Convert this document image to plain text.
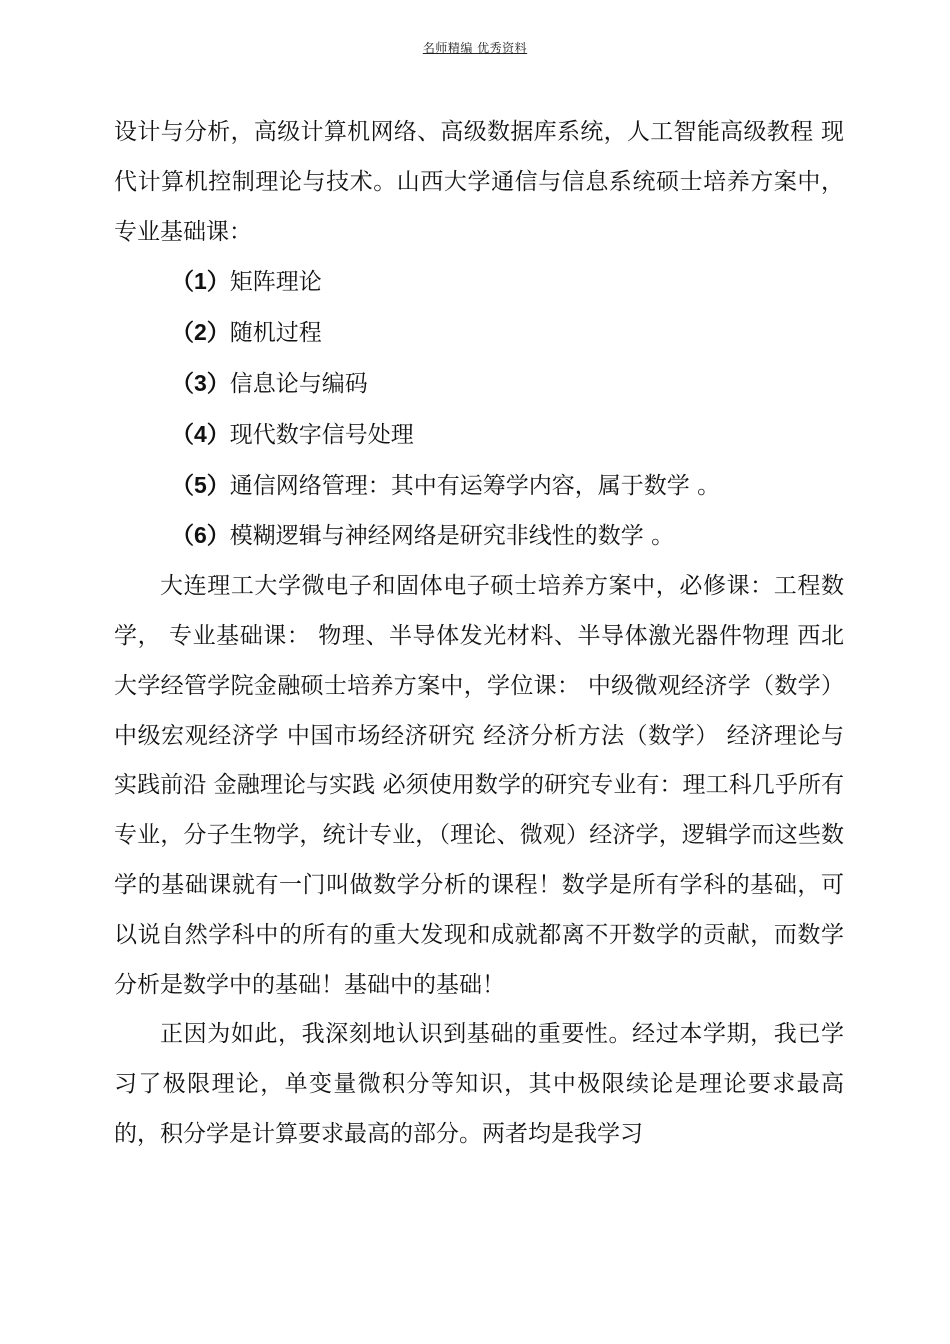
名师精编 优秀资料

设计与分析，高级计算机网络、高级数据库系统，人工智能高级教程 现代计算机控制理论与技术。山西大学通信与信息系统硕士培养方案中，专业基础课：

（1）矩阵理论

（2）随机过程

（3）信息论与编码

（4）现代数字信号处理

（5）通信网络管理：其中有运筹学内容，属于数学 。

（6）模糊逻辑与神经网络是研究非线性的数学 。

大连理工大学微电子和固体电子硕士培养方案中，必修课：工程数学， 专业基础课： 物理、半导体发光材料、半导体激光器件物理 西北大学经管学院金融硕士培养方案中，学位课： 中级微观经济学（数学） 中级宏观经济学 中国市场经济研究 经济分析方法（数学） 经济理论与实践前沿 金融理论与实践 必须使用数学的研究专业有：理工科几乎所有专业，分子生物学，统计专业，（理论、微观）经济学，逻辑学而这些数学的基础课就有一门叫做数学分析的课程！数学是所有学科的基础，可以说自然学科中的所有的重大发现和成就都离不开数学的贡献，而数学分析是数学中的基础！基础中的基础！

正因为如此，我深刻地认识到基础的重要性。经过本学期，我已学习了极限理论，单变量微积分等知识，其中极限续论是理论要求最高的，积分学是计算要求最高的部分。两者均是我学习
